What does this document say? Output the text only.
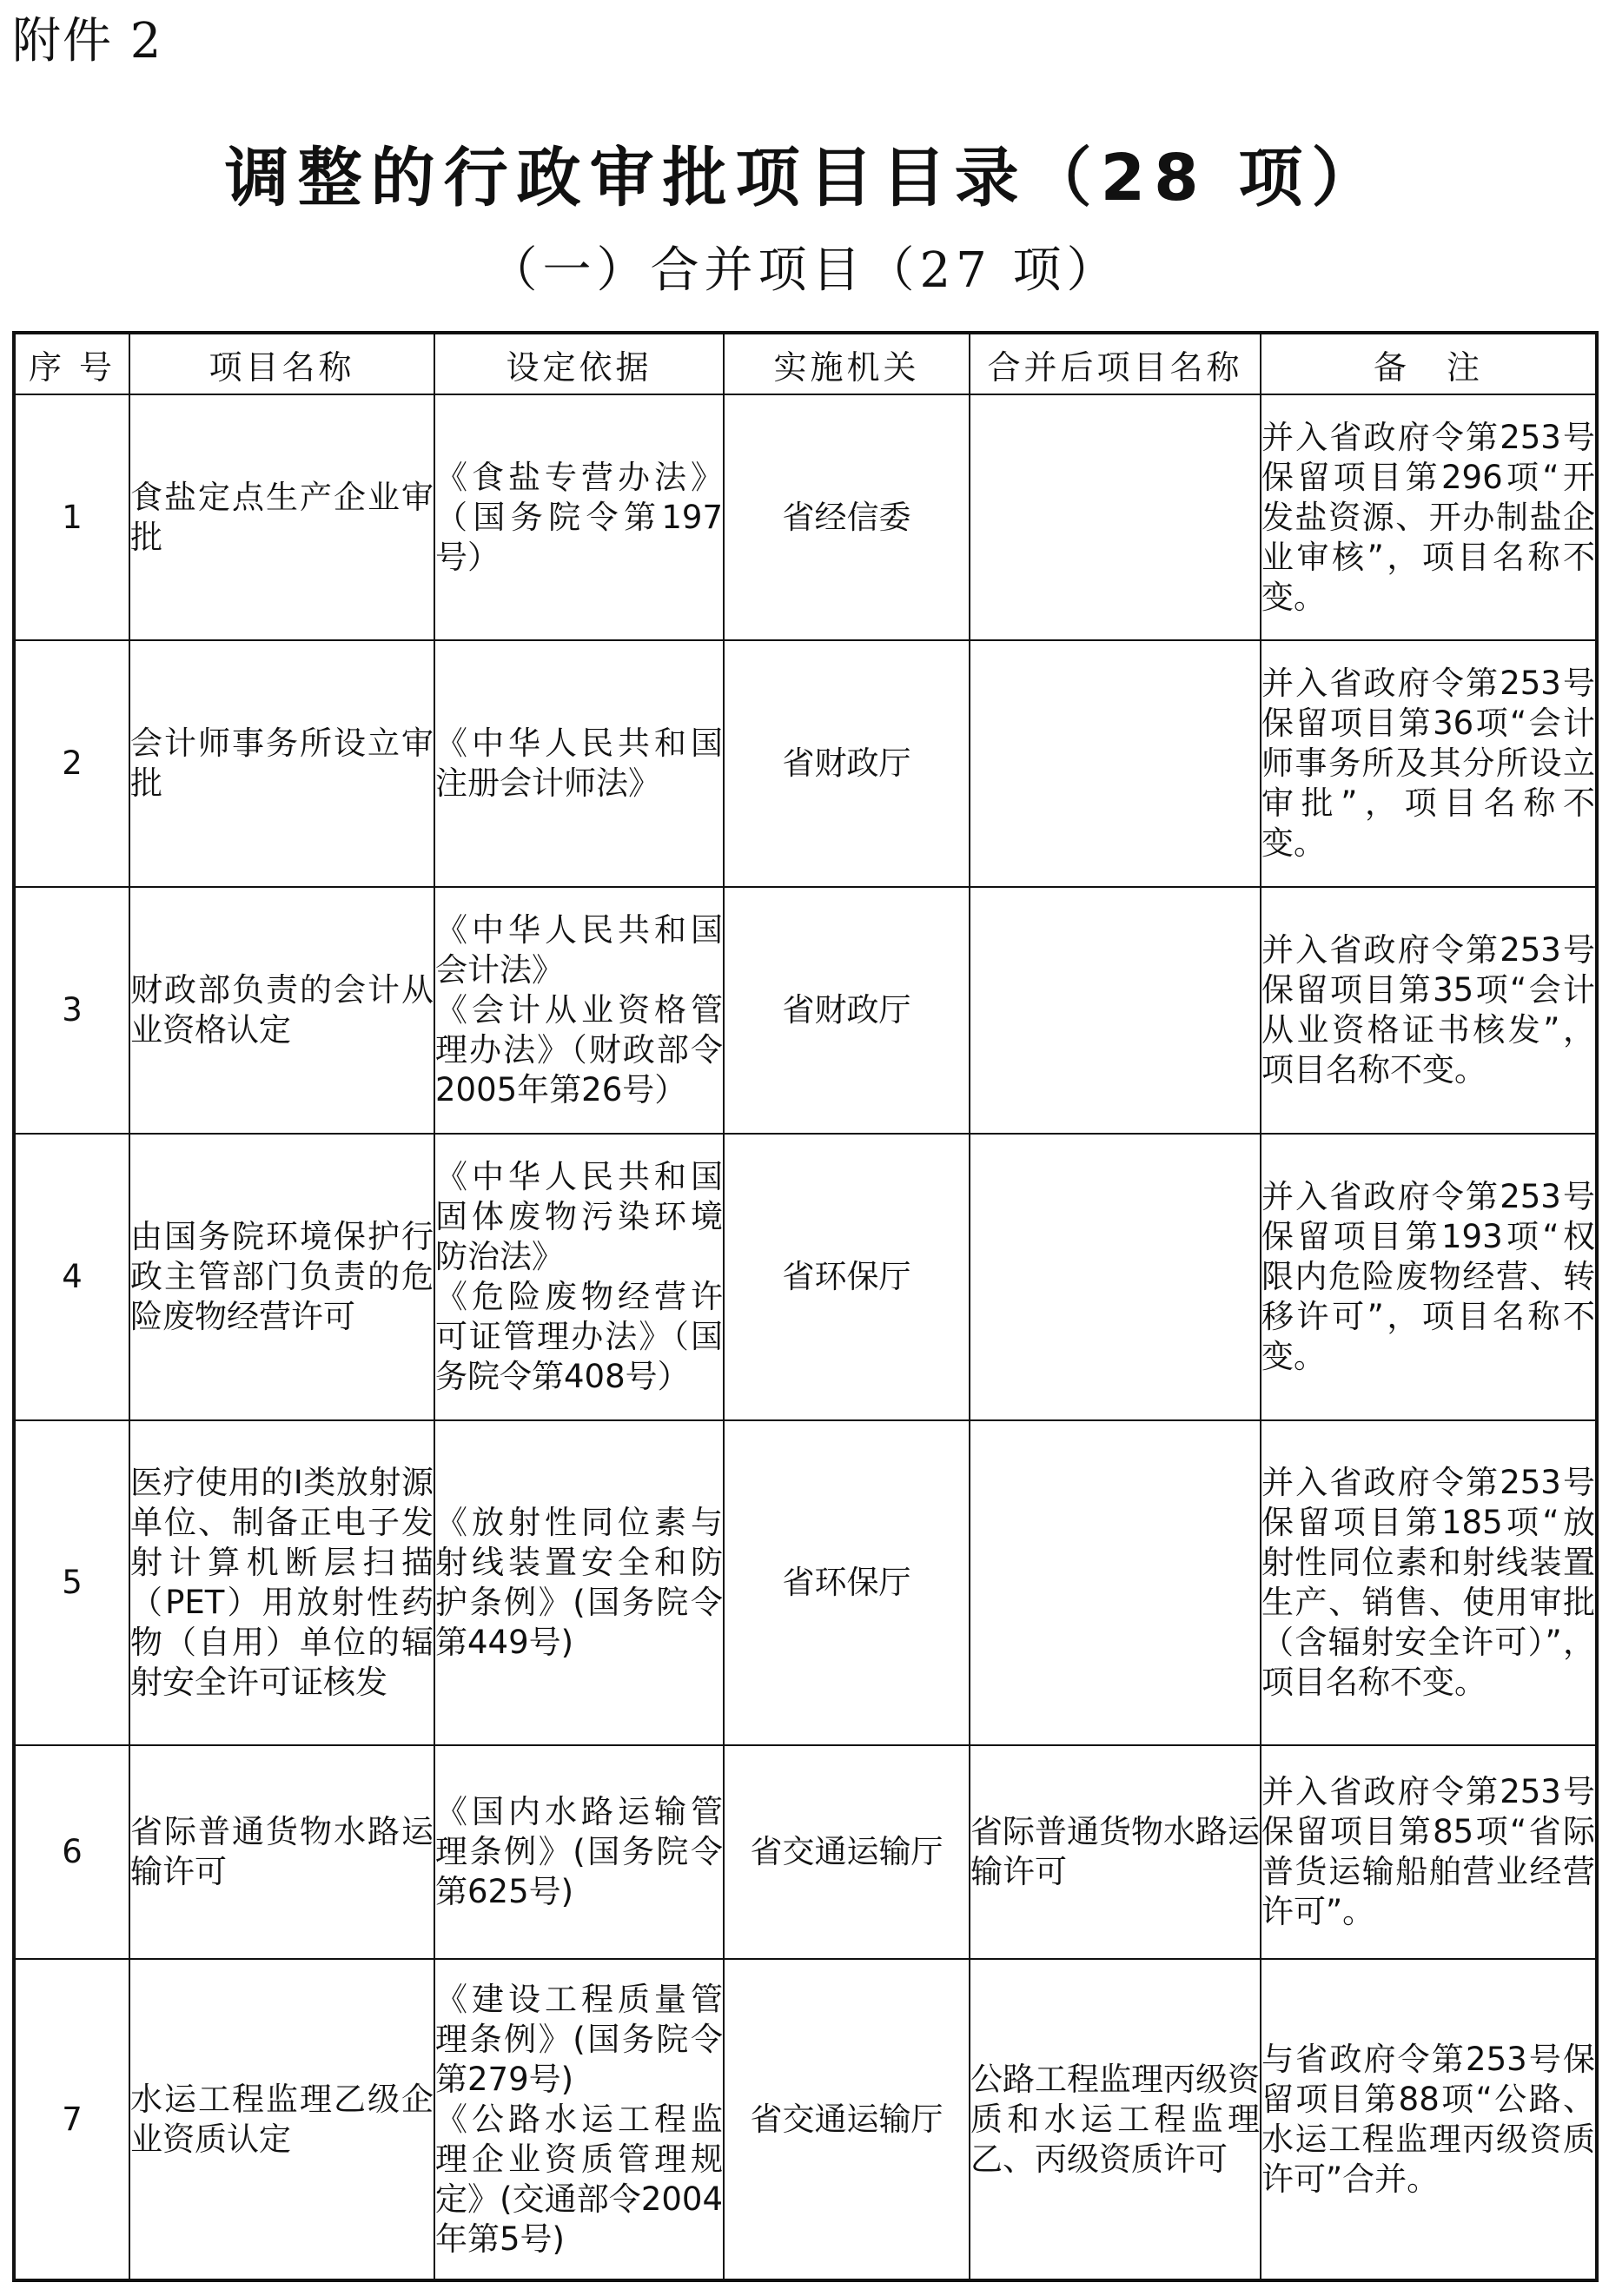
附件 2
调整的行政审批项目目录（28 项）
（一）合并项目（27 项）
序 号	项目名称	设定依据	实施机关	合并后项目名称	备　注
1	食盐定点生产企业审批	《食盐专营办法》（国务院令第197号）	省经信委		并入省政府令第253号保留项目第296项“开发盐资源、开办制盐企业审核”，项目名称不变。

2	会计师事务所设立审批	《中华人民共和国注册会计师法》	省财政厅		并入省政府令第253号保留项目第36项“会计师事务所及其分所设立审批”，项目名称不变。

3	财政部负责的会计从业资格认定	《中华人民共和国会计法》
《会计从业资格管理办法》（财政部令2005年第26号）	省财政厅		并入省政府令第253号保留项目第35项“会计从业资格证书核发”，项目名称不变。

4	由国务院环境保护行政主管部门负责的危险废物经营许可	《中华人民共和国固体废物污染环境防治法》
《危险废物经营许可证管理办法》（国务院令第408号）	省环保厅		并入省政府令第253号保留项目第193项“权限内危险废物经营、转移许可”，项目名称不变。

5	医疗使用的Ⅰ类放射源单位、制备正电子发射计算机断层扫描（PET）用放射性药物（自用）单位的辐射安全许可证核发	《放射性同位素与射线装置安全和防护条例》(国务院令第449号)	省环保厅		并入省政府令第253号保留项目第185项“放射性同位素和射线装置生产、销售、使用审批（含辐射安全许可）”，项目名称不变。

6	省际普通货物水路运输许可	《国内水路运输管理条例》(国务院令第625号)	省交通运输厅	省际普通货物水路运输许可	并入省政府令第253号保留项目第85项“省际普货运输船舶营业经营许可”。

7	水运工程监理乙级企业资质认定	《建设工程质量管理条例》(国务院令第279号)
《公路水运工程监理企业资质管理规定》(交通部令2004年第5号)	省交通运输厅	公路工程监理丙级资质和水运工程监理乙、丙级资质许可	与省政府令第253号保留项目第88项“公路、水运工程监理丙级资质许可”合并。
